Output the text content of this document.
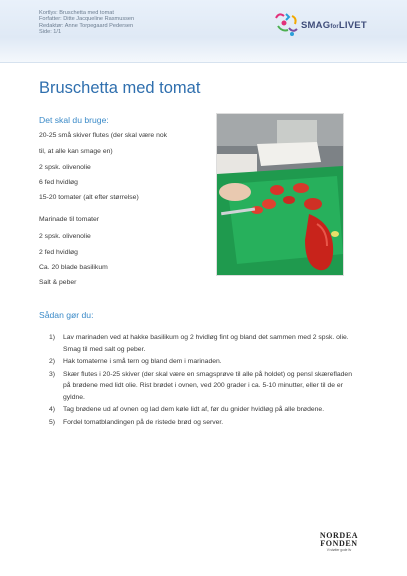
Kortlys: Bruschetta med tomat
Forfatter: Ditte Jacqueline Rasmussen
Redaktør: Anne Torpegaard Pedersen
Side: 1/1
SMAGforLIVET
Bruschetta med tomat
Det skal du bruge:
20-25 små skiver flutes (der skal være nok
til, at alle kan smage en)
2 spsk. olivenolie
6 fed hvidløg
15-20 tomater (alt efter størrelse)
Marinade til tomater
2 spsk. olivenolie
2 fed hvidløg
Ca. 20 blade basilikum
Salt & peber
Sådan gør du:
1) Lav marinaden ved at hakke basilikum og 2 hvidløg fint og bland det sammen med 2 spsk. olie.
Smag til med salt og peber.
2) Hak tomaterne i små tern og bland dem i marinaden.
3) Skær flutes i 20-25 skiver (der skal være en smagsprøve til alle på holdet) og pensl skærefladen
på brødene med lidt olie. Rist brødet i ovnen, ved 200 grader i ca. 5-10 minutter, eller til de er
gyldne.
4) Tag brødene ud af ovnen og lad dem køle lidt af, før du gnider hvidløg på alle brødene.
5) Fordel tomatblandingen på de ristede brød og server.
NORDEA
FONDEN
Vi støtter gode liv
